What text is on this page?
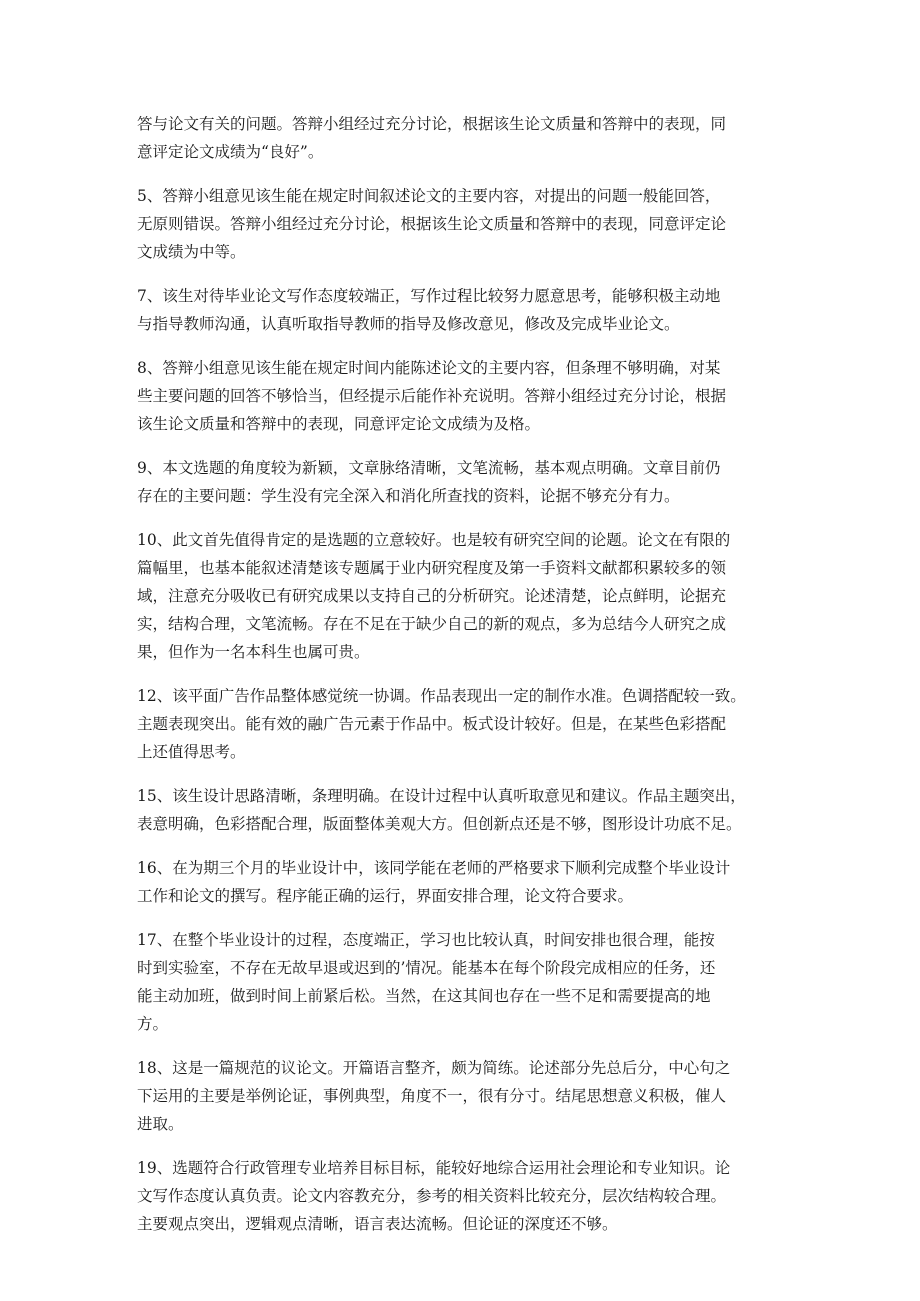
答与论文有关的问题。答辩小组经过充分讨论，根据该生论文质量和答辩中的表现，同
意评定论文成绩为“良好”。

5、答辩小组意见该生能在规定时间叙述论文的主要内容，对提出的问题一般能回答，
无原则错误。答辩小组经过充分讨论，根据该生论文质量和答辩中的表现，同意评定论
文成绩为中等。

7、该生对待毕业论文写作态度较端正，写作过程比较努力愿意思考，能够积极主动地
与指导教师沟通，认真听取指导教师的指导及修改意见，修改及完成毕业论文。

8、答辩小组意见该生能在规定时间内能陈述论文的主要内容，但条理不够明确，对某
些主要问题的回答不够恰当，但经提示后能作补充说明。答辩小组经过充分讨论，根据
该生论文质量和答辩中的表现，同意评定论文成绩为及格。

9、本文选题的角度较为新颖，文章脉络清晰，文笔流畅，基本观点明确。文章目前仍
存在的主要问题：学生没有完全深入和消化所查找的资料，论据不够充分有力。

10、此文首先值得肯定的是选题的立意较好。也是较有研究空间的论题。论文在有限的
篇幅里，也基本能叙述清楚该专题属于业内研究程度及第一手资料文献都积累较多的领
域，注意充分吸收已有研究成果以支持自己的分析研究。论述清楚，论点鲜明，论据充
实，结构合理，文笔流畅。存在不足在于缺少自己的新的观点，多为总结今人研究之成
果，但作为一名本科生也属可贵。

12、该平面广告作品整体感觉统一协调。作品表现出一定的制作水准。色调搭配较一致。
主题表现突出。能有效的融广告元素于作品中。板式设计较好。但是，在某些色彩搭配
上还值得思考。

15、该生设计思路清晰，条理明确。在设计过程中认真听取意见和建议。作品主题突出，
表意明确，色彩搭配合理，版面整体美观大方。但创新点还是不够，图形设计功底不足。

16、在为期三个月的毕业设计中，该同学能在老师的严格要求下顺利完成整个毕业设计
工作和论文的撰写。程序能正确的运行，界面安排合理，论文符合要求。

17、在整个毕业设计的过程，态度端正，学习也比较认真，时间安排也很合理，能按
时到实验室，不存在无故早退或迟到的’情况。能基本在每个阶段完成相应的任务，还
能主动加班，做到时间上前紧后松。当然，在这其间也存在一些不足和需要提高的地
方。

18、这是一篇规范的议论文。开篇语言整齐，颇为简练。论述部分先总后分，中心句之
下运用的主要是举例论证，事例典型，角度不一，很有分寸。结尾思想意义积极，催人
进取。

19、选题符合行政管理专业培养目标目标，能较好地综合运用社会理论和专业知识。论
文写作态度认真负责。论文内容教充分，参考的相关资料比较充分，层次结构较合理。
主要观点突出，逻辑观点清晰，语言表达流畅。但论证的深度还不够。
